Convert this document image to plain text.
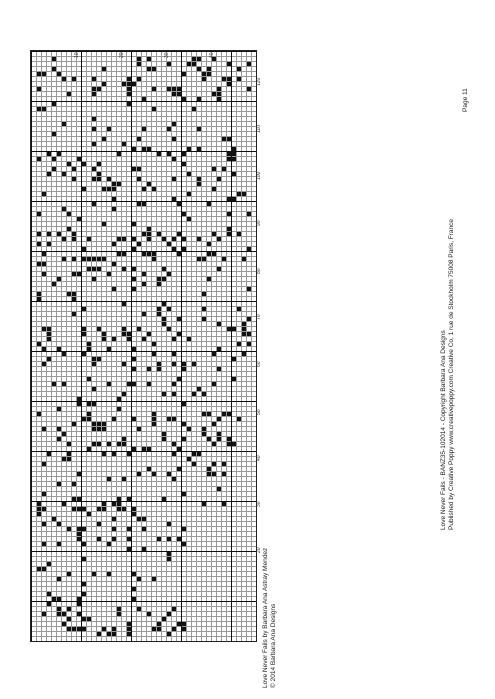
10	20	30	40
20
30
40
50
60
70
80
90
100
110
120
Love Never Fails by Barbara Ana Astray Mendez © 2014 Barbara Ana Designs
Love Never Fails - BANZ35-102014 - Copyright Barbara Ana Designs Published by Creative Poppy www.creativepoppy.com Creative Co, 1 rue de Stockholm 75008 Paris, France
Page 11
